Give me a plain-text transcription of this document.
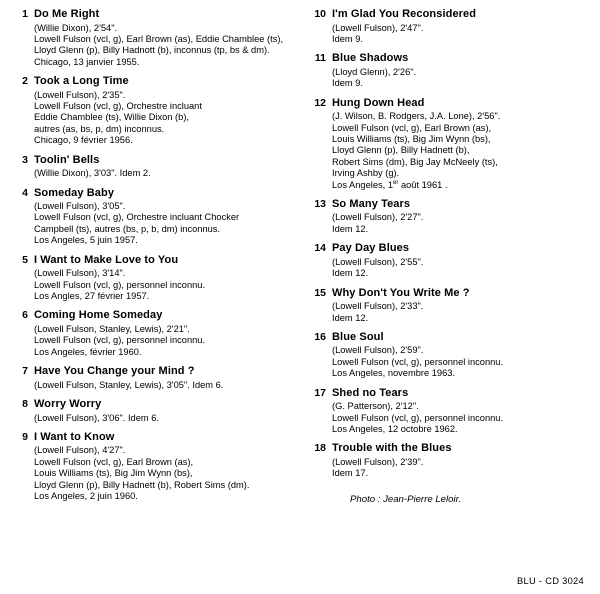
1 Do Me Right
(Willie Dixon), 2'54".
Lowell Fulson (vcl, g), Earl Brown (as), Eddie Chamblee (ts),
Lloyd Glenn (p), Billy Hadnott (b), inconnus (tp, bs & dm).
Chicago, 13 janvier 1955.
2 Took a Long Time
(Lowell Fulson), 2'35".
Lowell Fulson (vcl, g), Orchestre incluant
Eddie Chamblee (ts), Willie Dixon (b),
autres (as, bs, p, dm) inconnus.
Chicago, 9 février 1956.
3 Toolin' Bells
(Willie Dixon), 3'03". Idem 2.
4 Someday Baby
(Lowell Fulson), 3'05".
Lowell Fulson (vcl, g), Orchestre incluant Chocker
Campbell (ts), autres (bs, p, b, dm) inconnus.
Los Angeles, 5 juin 1957.
5 I Want to Make Love to You
(Lowell Fulson), 3'14".
Lowell Fulson (vcl, g), personnel inconnu.
Los Angles, 27 février 1957.
6 Coming Home Someday
(Lowell Fulson, Stanley, Lewis), 2'21".
Lowell Fulson (vcl, g), personnel inconnu.
Los Angeles, février 1960.
7 Have You Change your Mind ?
(Lowell Fulson, Stanley, Lewis), 3'05". Idem 6.
8 Worry Worry
(Lowell Fulson), 3'06". Idem 6.
9 I Want to Know
(Lowell Fulson), 4'27".
Lowell Fulson (vcl, g), Earl Brown (as),
Louis Williams (ts), Big Jim Wynn (bs),
Lloyd Glenn (p), Billy Hadnett (b), Robert Sims (dm).
Los Angeles, 2 juin 1960.
10 I'm Glad You Reconsidered
(Lowell Fulson), 2'47".
Idem 9.
11 Blue Shadows
(Lloyd Glenn), 2'26".
Idem 9.
12 Hung Down Head
(J. Wilson, B. Rodgers, J.A. Lone), 2'56".
Lowell Fulson (vcl, g), Earl Brown (as),
Louis Williams (ts), Big Jim Wynn (bs),
Lloyd Glenn (p), Billy Hadnett (b),
Robert Sims (dm), Big Jay McNeely (ts),
Irving Ashby (g).
Los Angeles, 1er août 1961 .
13 So Many Tears
(Lowell Fulson), 2'27".
Idem 12.
14 Pay Day Blues
(Lowell Fulson), 2'55".
Idem 12.
15 Why Don't You Write Me ?
(Lowell Fulson), 2'33".
Idem 12.
16 Blue Soul
(Lowell Fulson), 2'59".
Lowell Fulson (vcl, g), personnel inconnu.
Los Angeles, novembre 1963.
17 Shed no Tears
(G. Patterson), 2'12".
Lowell Fulson (vcl, g), personnel inconnu.
Los Angeles, 12 octobre 1962.
18 Trouble with the Blues
(Lowell Fulson), 2'39".
Idem 17.
Photo : Jean-Pierre Leloir.
BLU - CD 3024
